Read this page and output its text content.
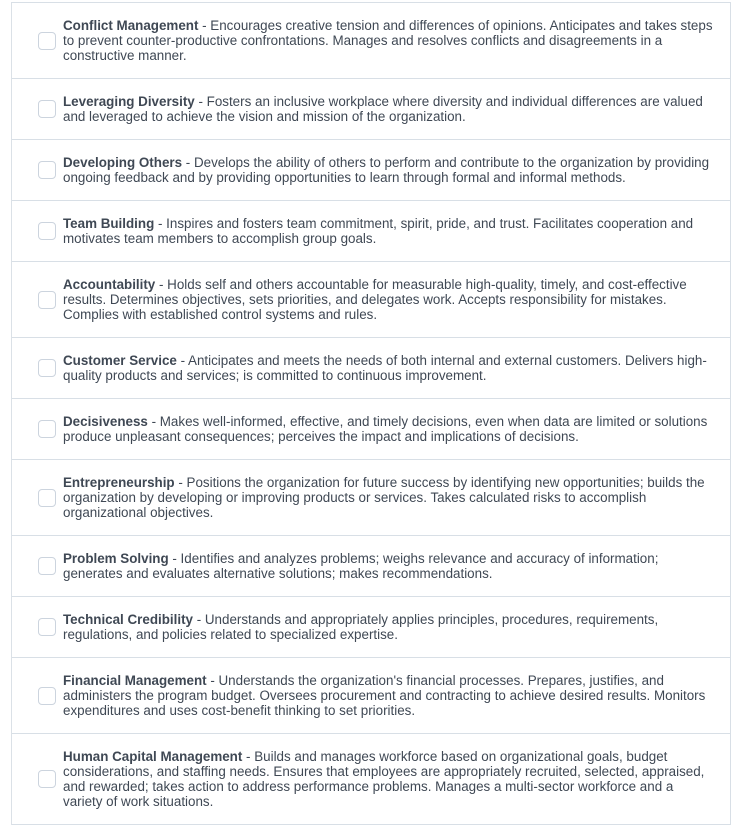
Conflict Management - Encourages creative tension and differences of opinions. Anticipates and takes steps to prevent counter-productive confrontations. Manages and resolves conflicts and disagreements in a constructive manner.

Leveraging Diversity - Fosters an inclusive workplace where diversity and individual differences are valued and leveraged to achieve the vision and mission of the organization.

Developing Others - Develops the ability of others to perform and contribute to the organization by providing ongoing feedback and by providing opportunities to learn through formal and informal methods.

Team Building - Inspires and fosters team commitment, spirit, pride, and trust. Facilitates cooperation and motivates team members to accomplish group goals.

Accountability - Holds self and others accountable for measurable high-quality, timely, and cost-effective results. Determines objectives, sets priorities, and delegates work. Accepts responsibility for mistakes. Complies with established control systems and rules.

Customer Service - Anticipates and meets the needs of both internal and external customers. Delivers high-quality products and services; is committed to continuous improvement.

Decisiveness - Makes well-informed, effective, and timely decisions, even when data are limited or solutions produce unpleasant consequences; perceives the impact and implications of decisions.

Entrepreneurship - Positions the organization for future success by identifying new opportunities; builds the organization by developing or improving products or services. Takes calculated risks to accomplish organizational objectives.

Problem Solving - Identifies and analyzes problems; weighs relevance and accuracy of information; generates and evaluates alternative solutions; makes recommendations.

Technical Credibility - Understands and appropriately applies principles, procedures, requirements, regulations, and policies related to specialized expertise.

Financial Management - Understands the organization's financial processes. Prepares, justifies, and administers the program budget. Oversees procurement and contracting to achieve desired results. Monitors expenditures and uses cost-benefit thinking to set priorities.

Human Capital Management - Builds and manages workforce based on organizational goals, budget considerations, and staffing needs. Ensures that employees are appropriately recruited, selected, appraised, and rewarded; takes action to address performance problems. Manages a multi-sector workforce and a variety of work situations.
